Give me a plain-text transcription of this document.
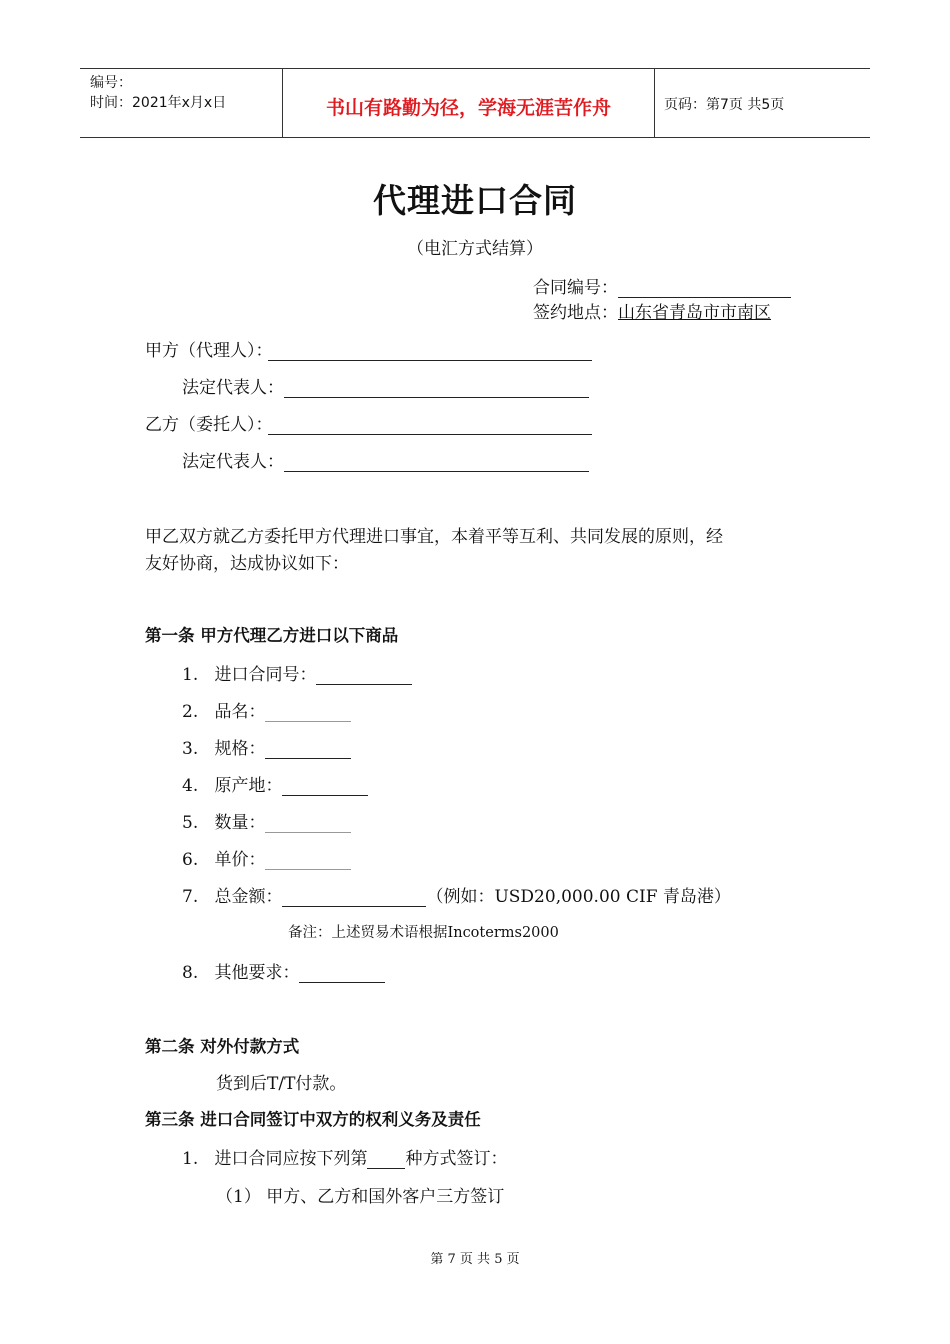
编号：
时间：2021年x月x日	书山有路勤为径，学海无涯苦作舟	页码：第7页 共5页
代理进口合同
（电汇方式结算）
合同编号：
签约地点：山东省青岛市市南区
甲方（代理人）：
法定代表人：
乙方（委托人）：
法定代表人：
甲乙双方就乙方委托甲方代理进口事宜，本着平等互利、共同发展的原则，经
友好协商，达成协议如下：
第一条 甲方代理乙方进口以下商品
1. 进口合同号：
2. 品名：
3. 规格：
4. 原产地：
5. 数量：
6. 单价：
7. 总金额：	（例如：USD20,000.00 CIF 青岛港）
备注：上述贸易术语根据Incoterms2000
8. 其他要求：
第二条 对外付款方式
货到后T/T付款。
第三条 进口合同签订中双方的权利义务及责任
1. 进口合同应按下列第 种方式签订：
（1） 甲方、乙方和国外客户三方签订
第 7 页 共 5 页
